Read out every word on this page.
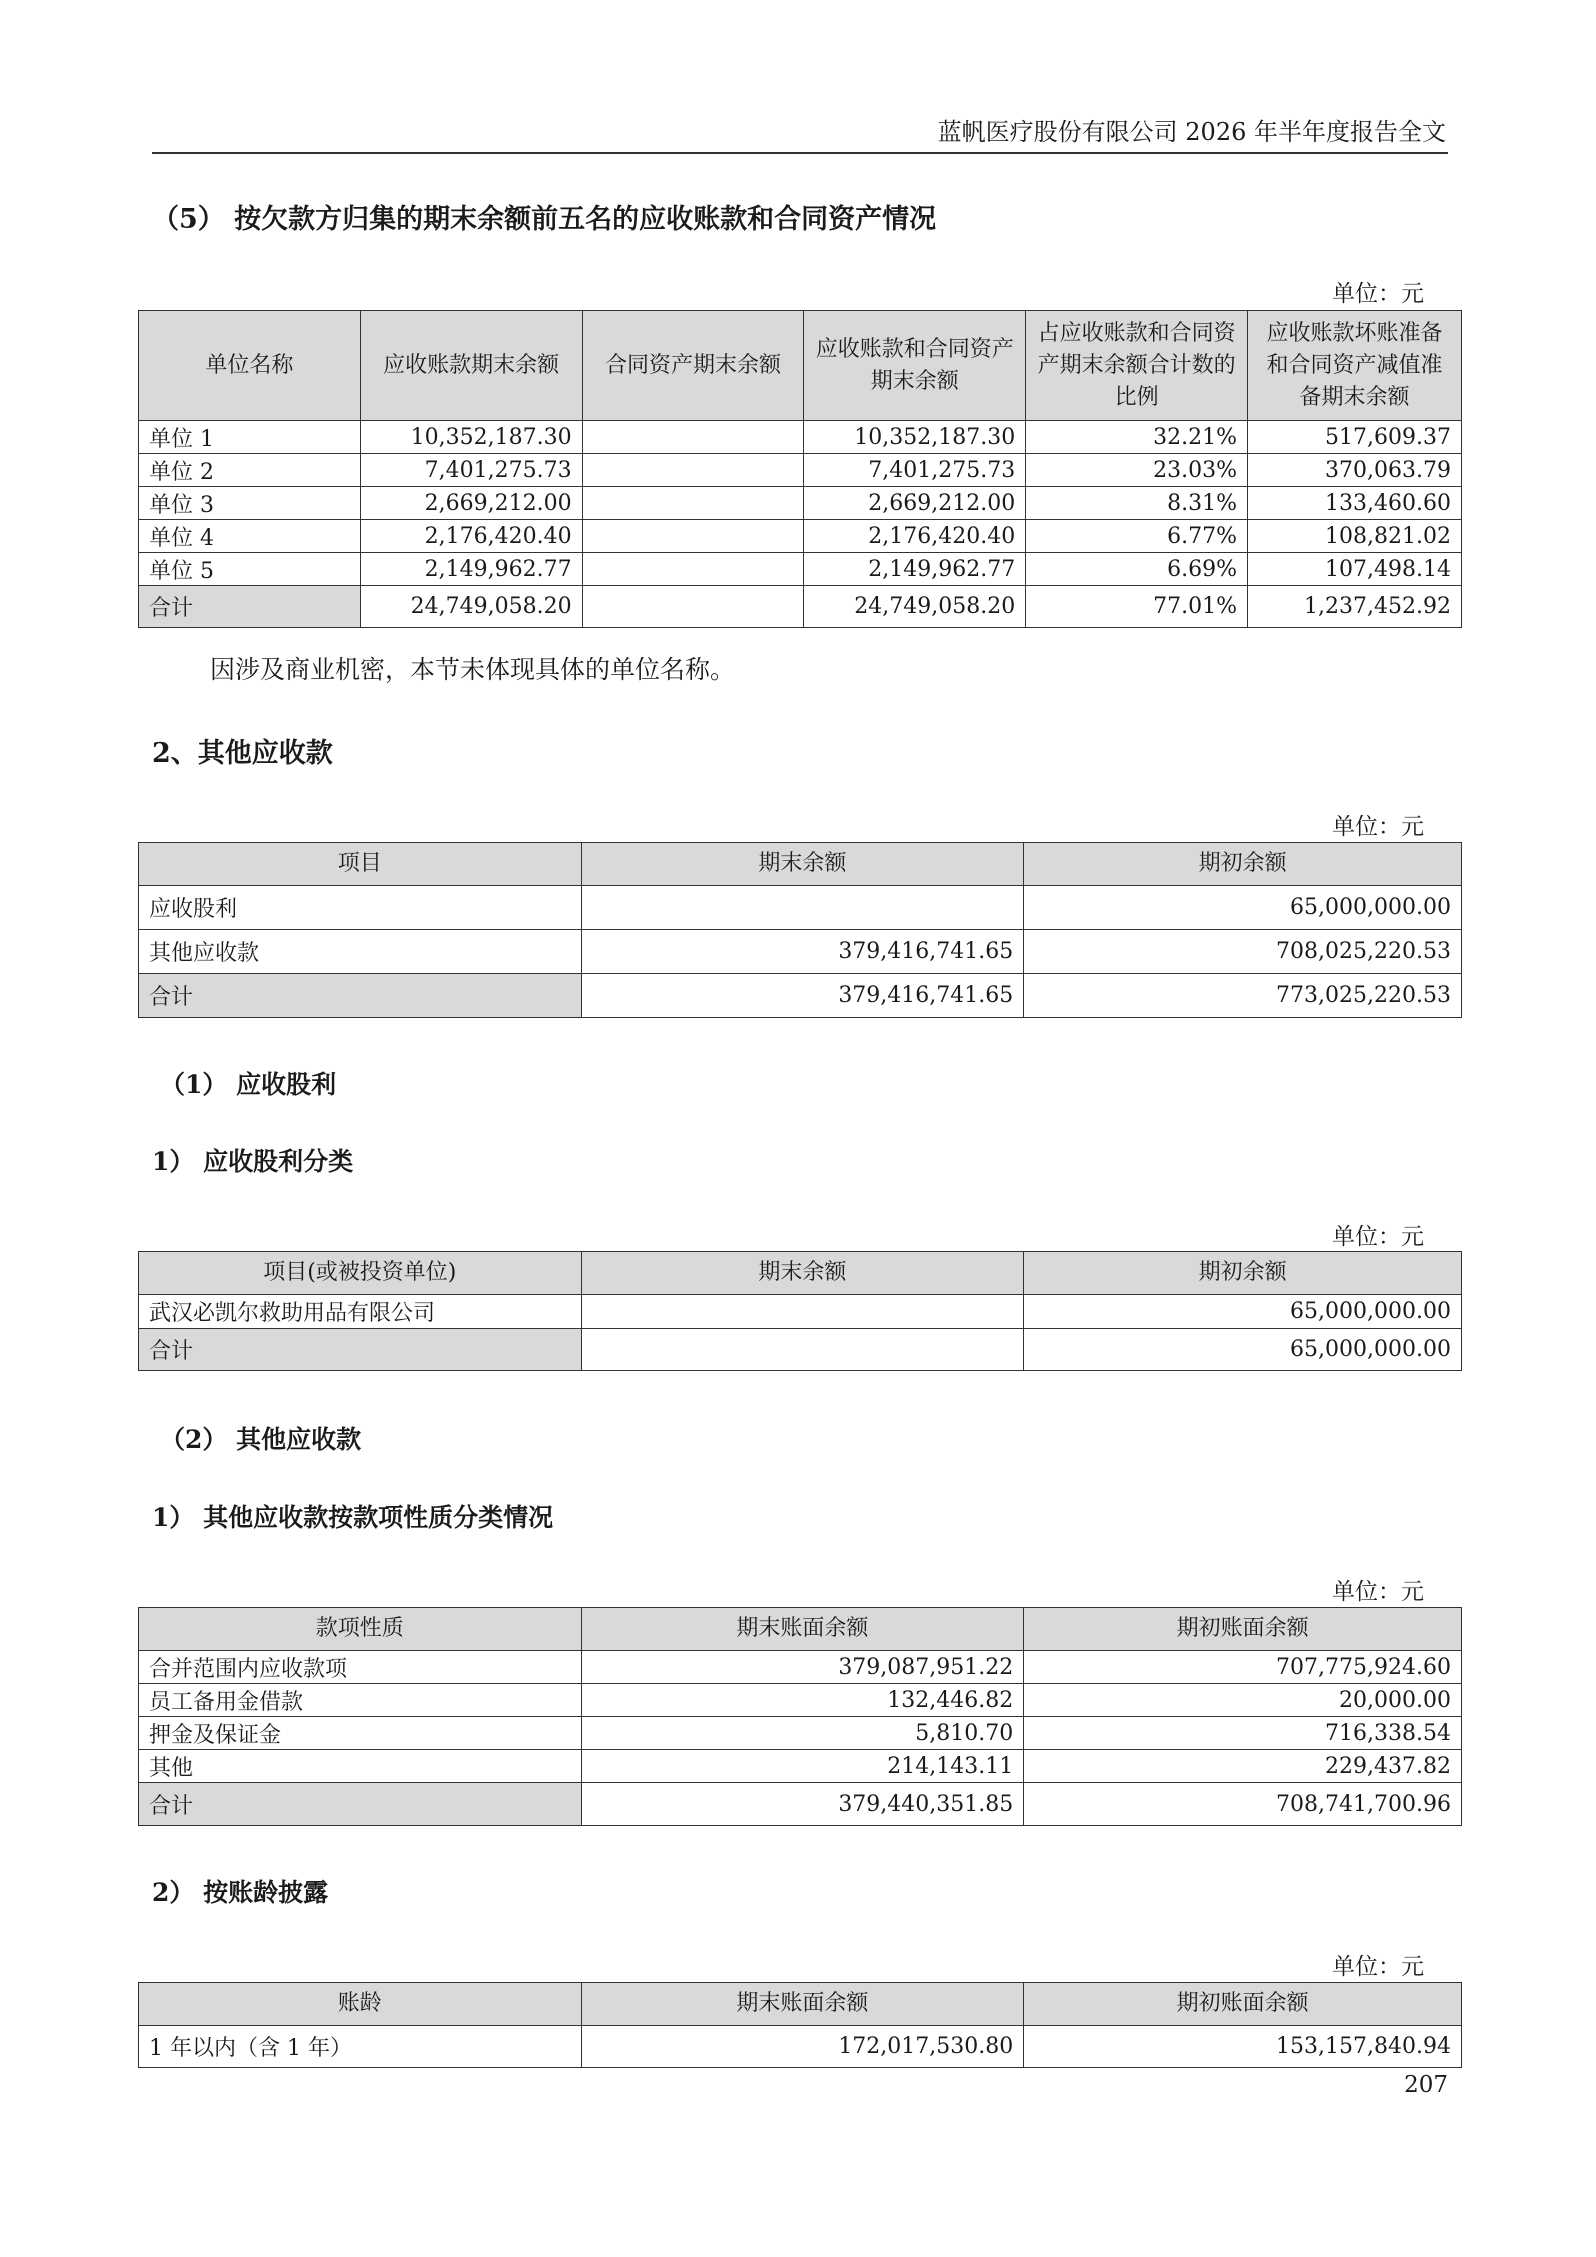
蓝帆医疗股份有限公司 2026 年半年度报告全文
（5） 按欠款方归集的期末余额前五名的应收账款和合同资产情况
单位：元
单位名称	应收账款期末余额	合同资产期末余额	应收账款和合同资产期末余额	占应收账款和合同资产期末余额合计数的比例	应收账款坏账准备和合同资产减值准备期末余额
单位 1	10,352,187.30		10,352,187.30	32.21%	517,609.37
单位 2	7,401,275.73		7,401,275.73	23.03%	370,063.79
单位 3	2,669,212.00		2,669,212.00	8.31%	133,460.60
单位 4	2,176,420.40		2,176,420.40	6.77%	108,821.02
单位 5	2,149,962.77		2,149,962.77	6.69%	107,498.14
合计	24,749,058.20		24,749,058.20	77.01%	1,237,452.92
因涉及商业机密，本节未体现具体的单位名称。
2、其他应收款
单位：元
项目	期末余额	期初余额
应收股利		65,000,000.00
其他应收款	379,416,741.65	708,025,220.53
合计	379,416,741.65	773,025,220.53
（1） 应收股利
1） 应收股利分类
单位：元
项目(或被投资单位)	期末余额	期初余额
武汉必凯尔救助用品有限公司		65,000,000.00
合计		65,000,000.00
（2） 其他应收款
1） 其他应收款按款项性质分类情况
单位：元
款项性质	期末账面余额	期初账面余额
合并范围内应收款项	379,087,951.22	707,775,924.60
员工备用金借款	132,446.82	20,000.00
押金及保证金	5,810.70	716,338.54
其他	214,143.11	229,437.82
合计	379,440,351.85	708,741,700.96
2） 按账龄披露
单位：元
账龄	期末账面余额	期初账面余额
1 年以内（含 1 年）	172,017,530.80	153,157,840.94
207
